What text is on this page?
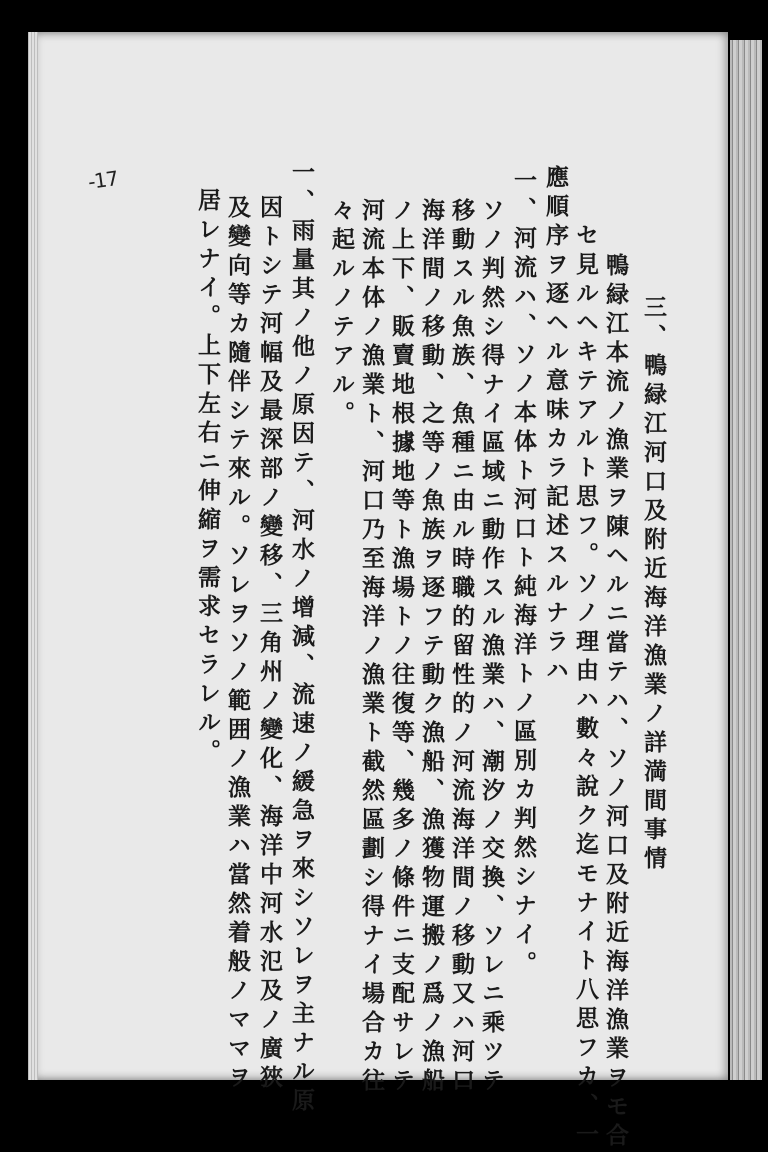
-17
三、鴨緑江河口及附近海洋漁業ノ詳満間事情
鴨緑江本流ノ漁業ヲ陳ヘルニ當テハ、ソノ河口及附近海洋漁業ヲモ合
セ見ルヘキテアルト思フ。ソノ理由ハ數々說ク迄モナイト八思フカ、一
應順序ヲ逐ヘル意味カラ記述スルナラハ
一、河流ハ、ソノ本体ト河口ト純海洋トノ區別カ判然シナイ。
ソノ判然シ得ナイ區域ニ動作スル漁業ハ、潮汐ノ交換、ソレニ乘ツテ
移動スル魚族、魚種ニ由ル時職的留性的ノ河流海洋間ノ移動又ハ河口
海洋間ノ移動、之等ノ魚族ヲ逐フテ動ク漁船、漁獲物運搬ノ爲ノ漁船
ノ上下、販賣地根據地等ト漁場トノ往復等、幾多ノ條件ニ支配サレテ
河流本体ノ漁業ト、河口乃至海洋ノ漁業ト截然區劃シ得ナイ場合カ往
々起ルノテアル。
一、雨量其ノ他ノ原因テ、河水ノ增減、流速ノ緩急ヲ來シソレヲ主ナル原
因トシテ河幅及最深部ノ變移、三角州ノ變化、海洋中河水氾及ノ廣狹
及變向等カ隨伴シテ來ル。ソレヲソノ範囲ノ漁業ハ當然着般ノママヲ
居レナイ。上下左右ニ伸縮ヲ需求セラレル。
